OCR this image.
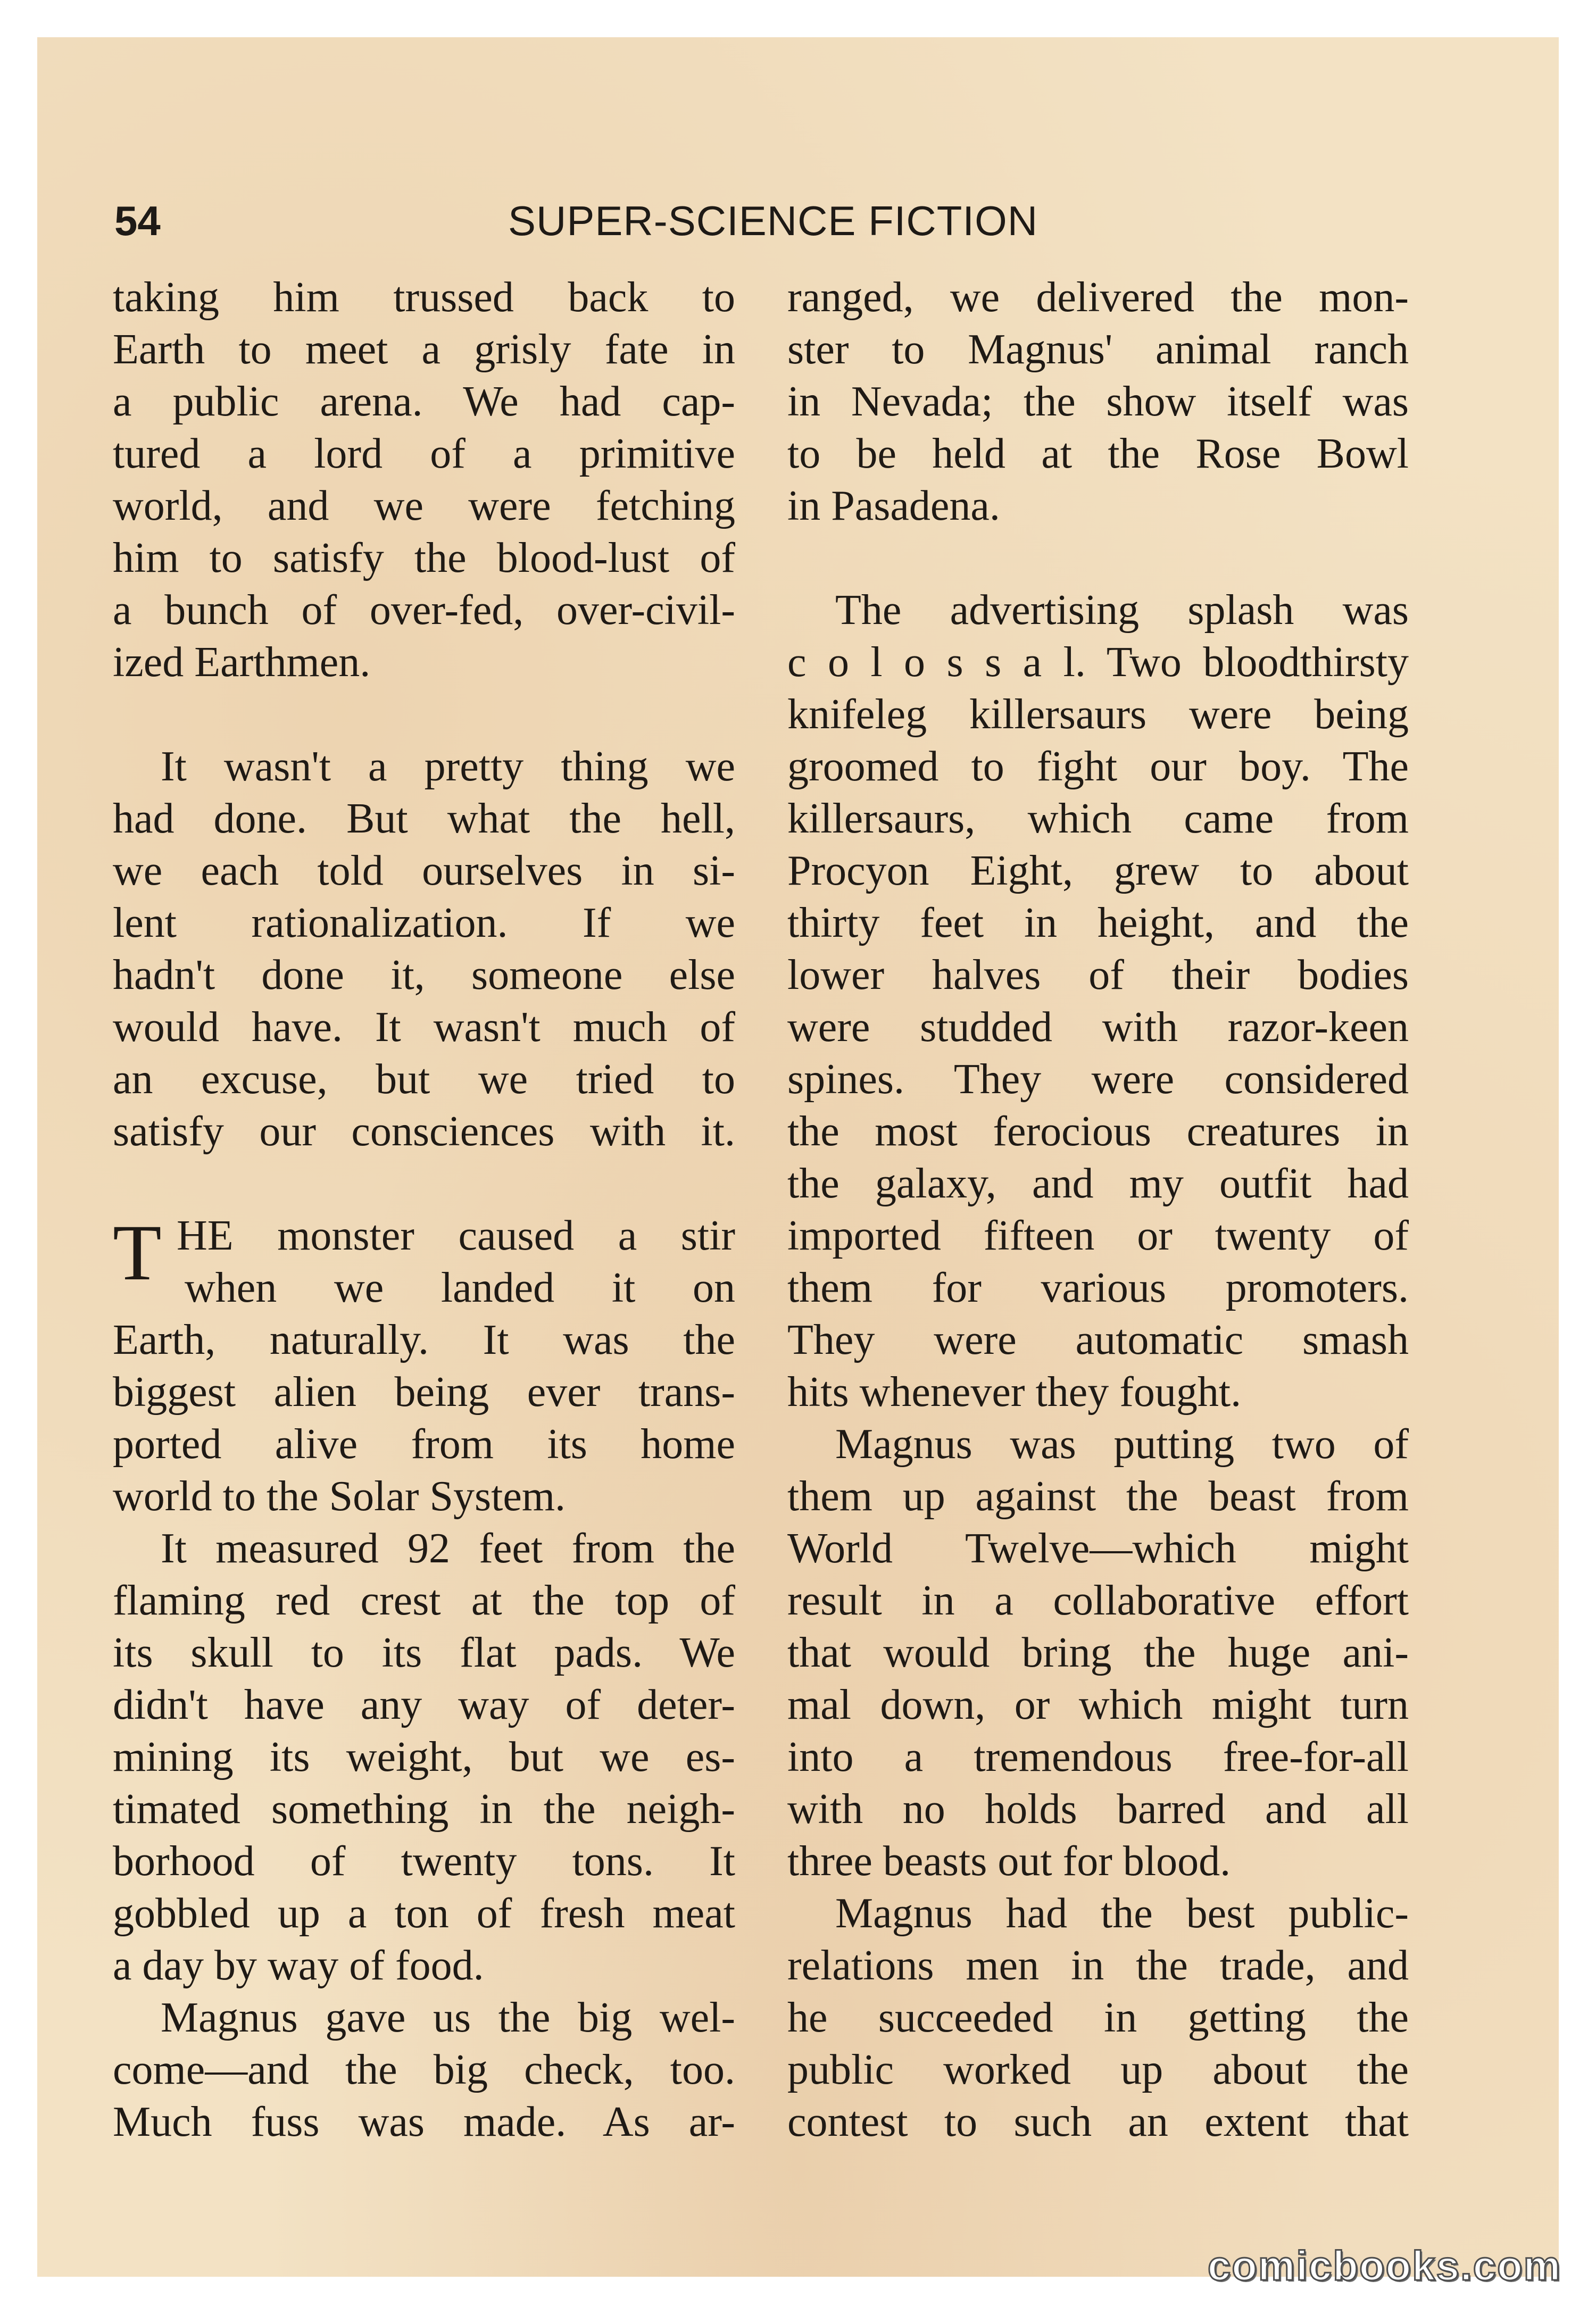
54	SUPER-SCIENCE FICTION
taking him trussed back to
Earth to meet a grisly fate in
a public arena. We had cap-
tured a lord of a primitive
world, and we were fetching
him to satisfy the blood-lust of
a bunch of over-fed, over-civil-
ized Earthmen.
It wasn't a pretty thing we
had done. But what the hell,
we each told ourselves in si-
lent rationalization. If we
hadn't done it, someone else
would have. It wasn't much of
an excuse, but we tried to
satisfy our consciences with it.
T HE monster caused a stir
when we landed it on
Earth, naturally. It was the
biggest alien being ever trans-
ported alive from its home
world to the Solar System.
It measured 92 feet from the
flaming red crest at the top of
its skull to its flat pads. We
didn't have any way of deter-
mining its weight, but we es-
timated something in the neigh-
borhood of twenty tons. It
gobbled up a ton of fresh meat
a day by way of food.
Magnus gave us the big wel-
come—and the big check, too.
Much fuss was made. As ar-
ranged, we delivered the mon-
ster to Magnus' animal ranch
in Nevada; the show itself was
to be held at the Rose Bowl
in Pasadena.
The advertising splash was
c o l o s s a l. Two bloodthirsty
knifeleg killersaurs were being
groomed to fight our boy. The
killersaurs, which came from
Procyon Eight, grew to about
thirty feet in height, and the
lower halves of their bodies
were studded with razor-keen
spines. They were considered
the most ferocious creatures in
the galaxy, and my outfit had
imported fifteen or twenty of
them for various promoters.
They were automatic smash
hits whenever they fought.
Magnus was putting two of
them up against the beast from
World Twelve—which might
result in a collaborative effort
that would bring the huge ani-
mal down, or which might turn
into a tremendous free-for-all
with no holds barred and all
three beasts out for blood.
Magnus had the best public-
relations men in the trade, and
he succeeded in getting the
public worked up about the
contest to such an extent that
comicbooks.com
